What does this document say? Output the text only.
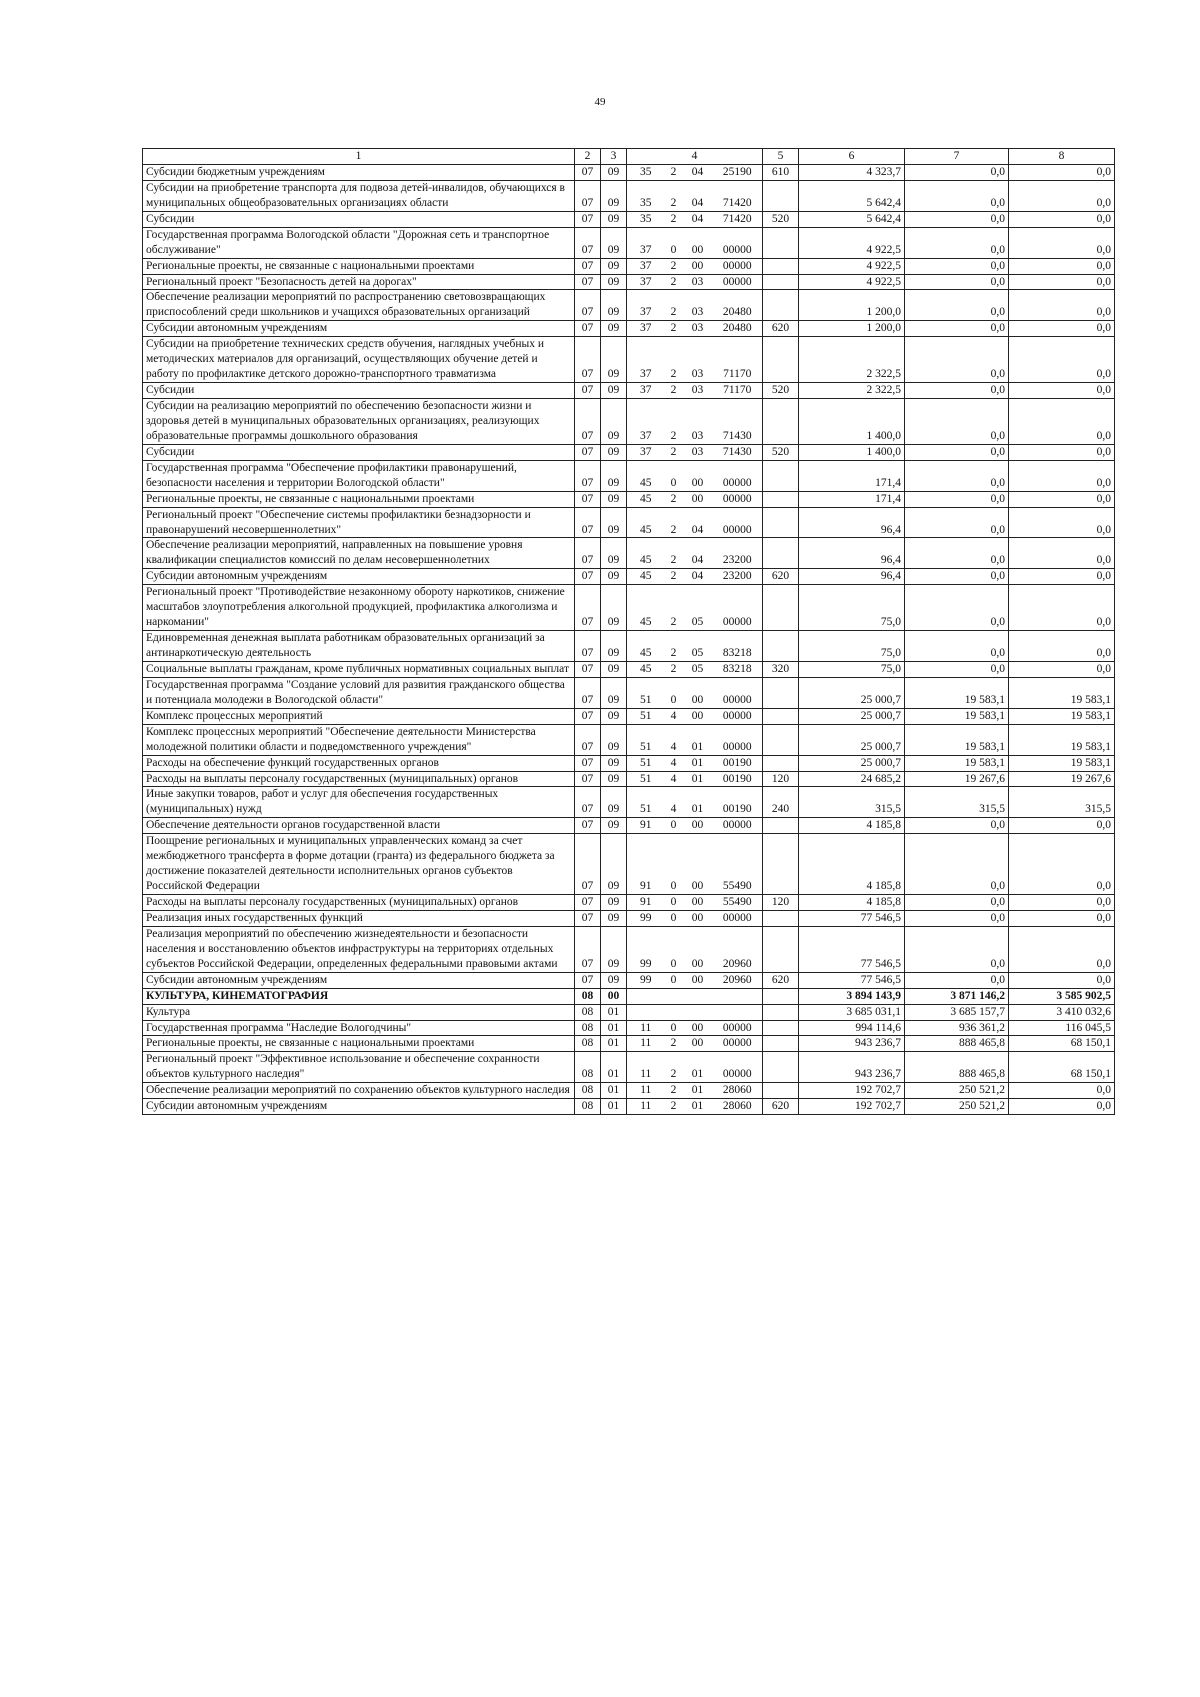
49
1	2	3	4				5	6	7	8
Субсидии бюджетным учреждениям	07	09	35	2	04	25190	610	4 323,7	0,0	0,0
Субсидии на приобретение транспорта для подвоза детей-инвалидов, обучающихся в муниципальных общеобразовательных организациях области	07	09	35	2	04	71420		5 642,4	0,0	0,0
Субсидии	07	09	35	2	04	71420	520	5 642,4	0,0	0,0
Государственная программа Вологодской области "Дорожная сеть и транспортное обслуживание"	07	09	37	0	00	00000		4 922,5	0,0	0,0
Региональные проекты, не связанные с национальными проектами	07	09	37	2	00	00000		4 922,5	0,0	0,0
Региональный проект "Безопасность детей на дорогах"	07	09	37	2	03	00000		4 922,5	0,0	0,0
Обеспечение реализации мероприятий по распространению световозвращающих приспособлений среди школьников и учащихся образовательных организаций	07	09	37	2	03	20480		1 200,0	0,0	0,0
Субсидии автономным учреждениям	07	09	37	2	03	20480	620	1 200,0	0,0	0,0
Субсидии на приобретение технических средств обучения, наглядных учебных и методических материалов для организаций, осуществляющих обучение детей и работу по профилактике детского дорожно-транспортного травматизма	07	09	37	2	03	71170		2 322,5	0,0	0,0
Субсидии	07	09	37	2	03	71170	520	2 322,5	0,0	0,0
Субсидии на реализацию мероприятий по обеспечению безопасности жизни и здоровья детей в муниципальных образовательных организациях, реализующих образовательные программы дошкольного образования	07	09	37	2	03	71430		1 400,0	0,0	0,0
Субсидии	07	09	37	2	03	71430	520	1 400,0	0,0	0,0
Государственная программа "Обеспечение профилактики правонарушений, безопасности населения и территории Вологодской области"	07	09	45	0	00	00000		171,4	0,0	0,0
Региональные проекты, не связанные с национальными проектами	07	09	45	2	00	00000		171,4	0,0	0,0
Региональный проект "Обеспечение системы профилактики безнадзорности и правонарушений несовершеннолетних"	07	09	45	2	04	00000		96,4	0,0	0,0
Обеспечение реализации мероприятий, направленных на повышение уровня квалификации специалистов комиссий по делам несовершеннолетних	07	09	45	2	04	23200		96,4	0,0	0,0
Субсидии автономным учреждениям	07	09	45	2	04	23200	620	96,4	0,0	0,0
Региональный проект "Противодействие незаконному обороту наркотиков, снижение масштабов злоупотребления алкогольной продукцией, профилактика алкоголизма и наркомании"	07	09	45	2	05	00000		75,0	0,0	0,0
Единовременная денежная выплата работникам образовательных организаций за антинаркотическую деятельность	07	09	45	2	05	83218		75,0	0,0	0,0
Социальные выплаты гражданам, кроме публичных нормативных социальных выплат	07	09	45	2	05	83218	320	75,0	0,0	0,0
Государственная программа "Создание условий для развития гражданского общества и потенциала молодежи в Вологодской области"	07	09	51	0	00	00000		25 000,7	19 583,1	19 583,1
Комплекс процессных мероприятий	07	09	51	4	00	00000		25 000,7	19 583,1	19 583,1
Комплекс процессных мероприятий "Обеспечение деятельности Министерства молодежной политики области и подведомственного учреждения"	07	09	51	4	01	00000		25 000,7	19 583,1	19 583,1
Расходы на обеспечение функций государственных органов	07	09	51	4	01	00190		25 000,7	19 583,1	19 583,1
Расходы на выплаты персоналу государственных (муниципальных) органов	07	09	51	4	01	00190	120	24 685,2	19 267,6	19 267,6
Иные закупки товаров, работ и услуг для обеспечения государственных (муниципальных) нужд	07	09	51	4	01	00190	240	315,5	315,5	315,5
Обеспечение деятельности органов государственной власти	07	09	91	0	00	00000		4 185,8	0,0	0,0
Поощрение региональных и муниципальных управленческих команд за счет межбюджетного трансферта в форме дотации (гранта) из федерального бюджета за достижение показателей деятельности исполнительных органов субъектов Российской Федерации	07	09	91	0	00	55490		4 185,8	0,0	0,0
Расходы на выплаты персоналу государственных (муниципальных) органов	07	09	91	0	00	55490	120	4 185,8	0,0	0,0
Реализация иных государственных функций	07	09	99	0	00	00000		77 546,5	0,0	0,0
Реализация мероприятий по обеспечению жизнедеятельности и безопасности населения и восстановлению объектов инфраструктуры на территориях отдельных субъектов Российской Федерации, определенных федеральными правовыми актами	07	09	99	0	00	20960		77 546,5	0,0	0,0
Субсидии автономным учреждениям	07	09	99	0	00	20960	620	77 546,5	0,0	0,0
КУЛЬТУРА, КИНЕМАТОГРАФИЯ	08	00						3 894 143,9	3 871 146,2	3 585 902,5
Культура	08	01						3 685 031,1	3 685 157,7	3 410 032,6
Государственная программа "Наследие Вологодчины"	08	01	11	0	00	00000		994 114,6	936 361,2	116 045,5
Региональные проекты, не связанные с национальными проектами	08	01	11	2	00	00000		943 236,7	888 465,8	68 150,1
Региональный проект "Эффективное использование и обеспечение сохранности объектов культурного наследия"	08	01	11	2	01	00000		943 236,7	888 465,8	68 150,1
Обеспечение реализации мероприятий по сохранению объектов культурного наследия	08	01	11	2	01	28060		192 702,7	250 521,2	0,0
Субсидии автономным учреждениям	08	01	11	2	01	28060	620	192 702,7	250 521,2	0,0
